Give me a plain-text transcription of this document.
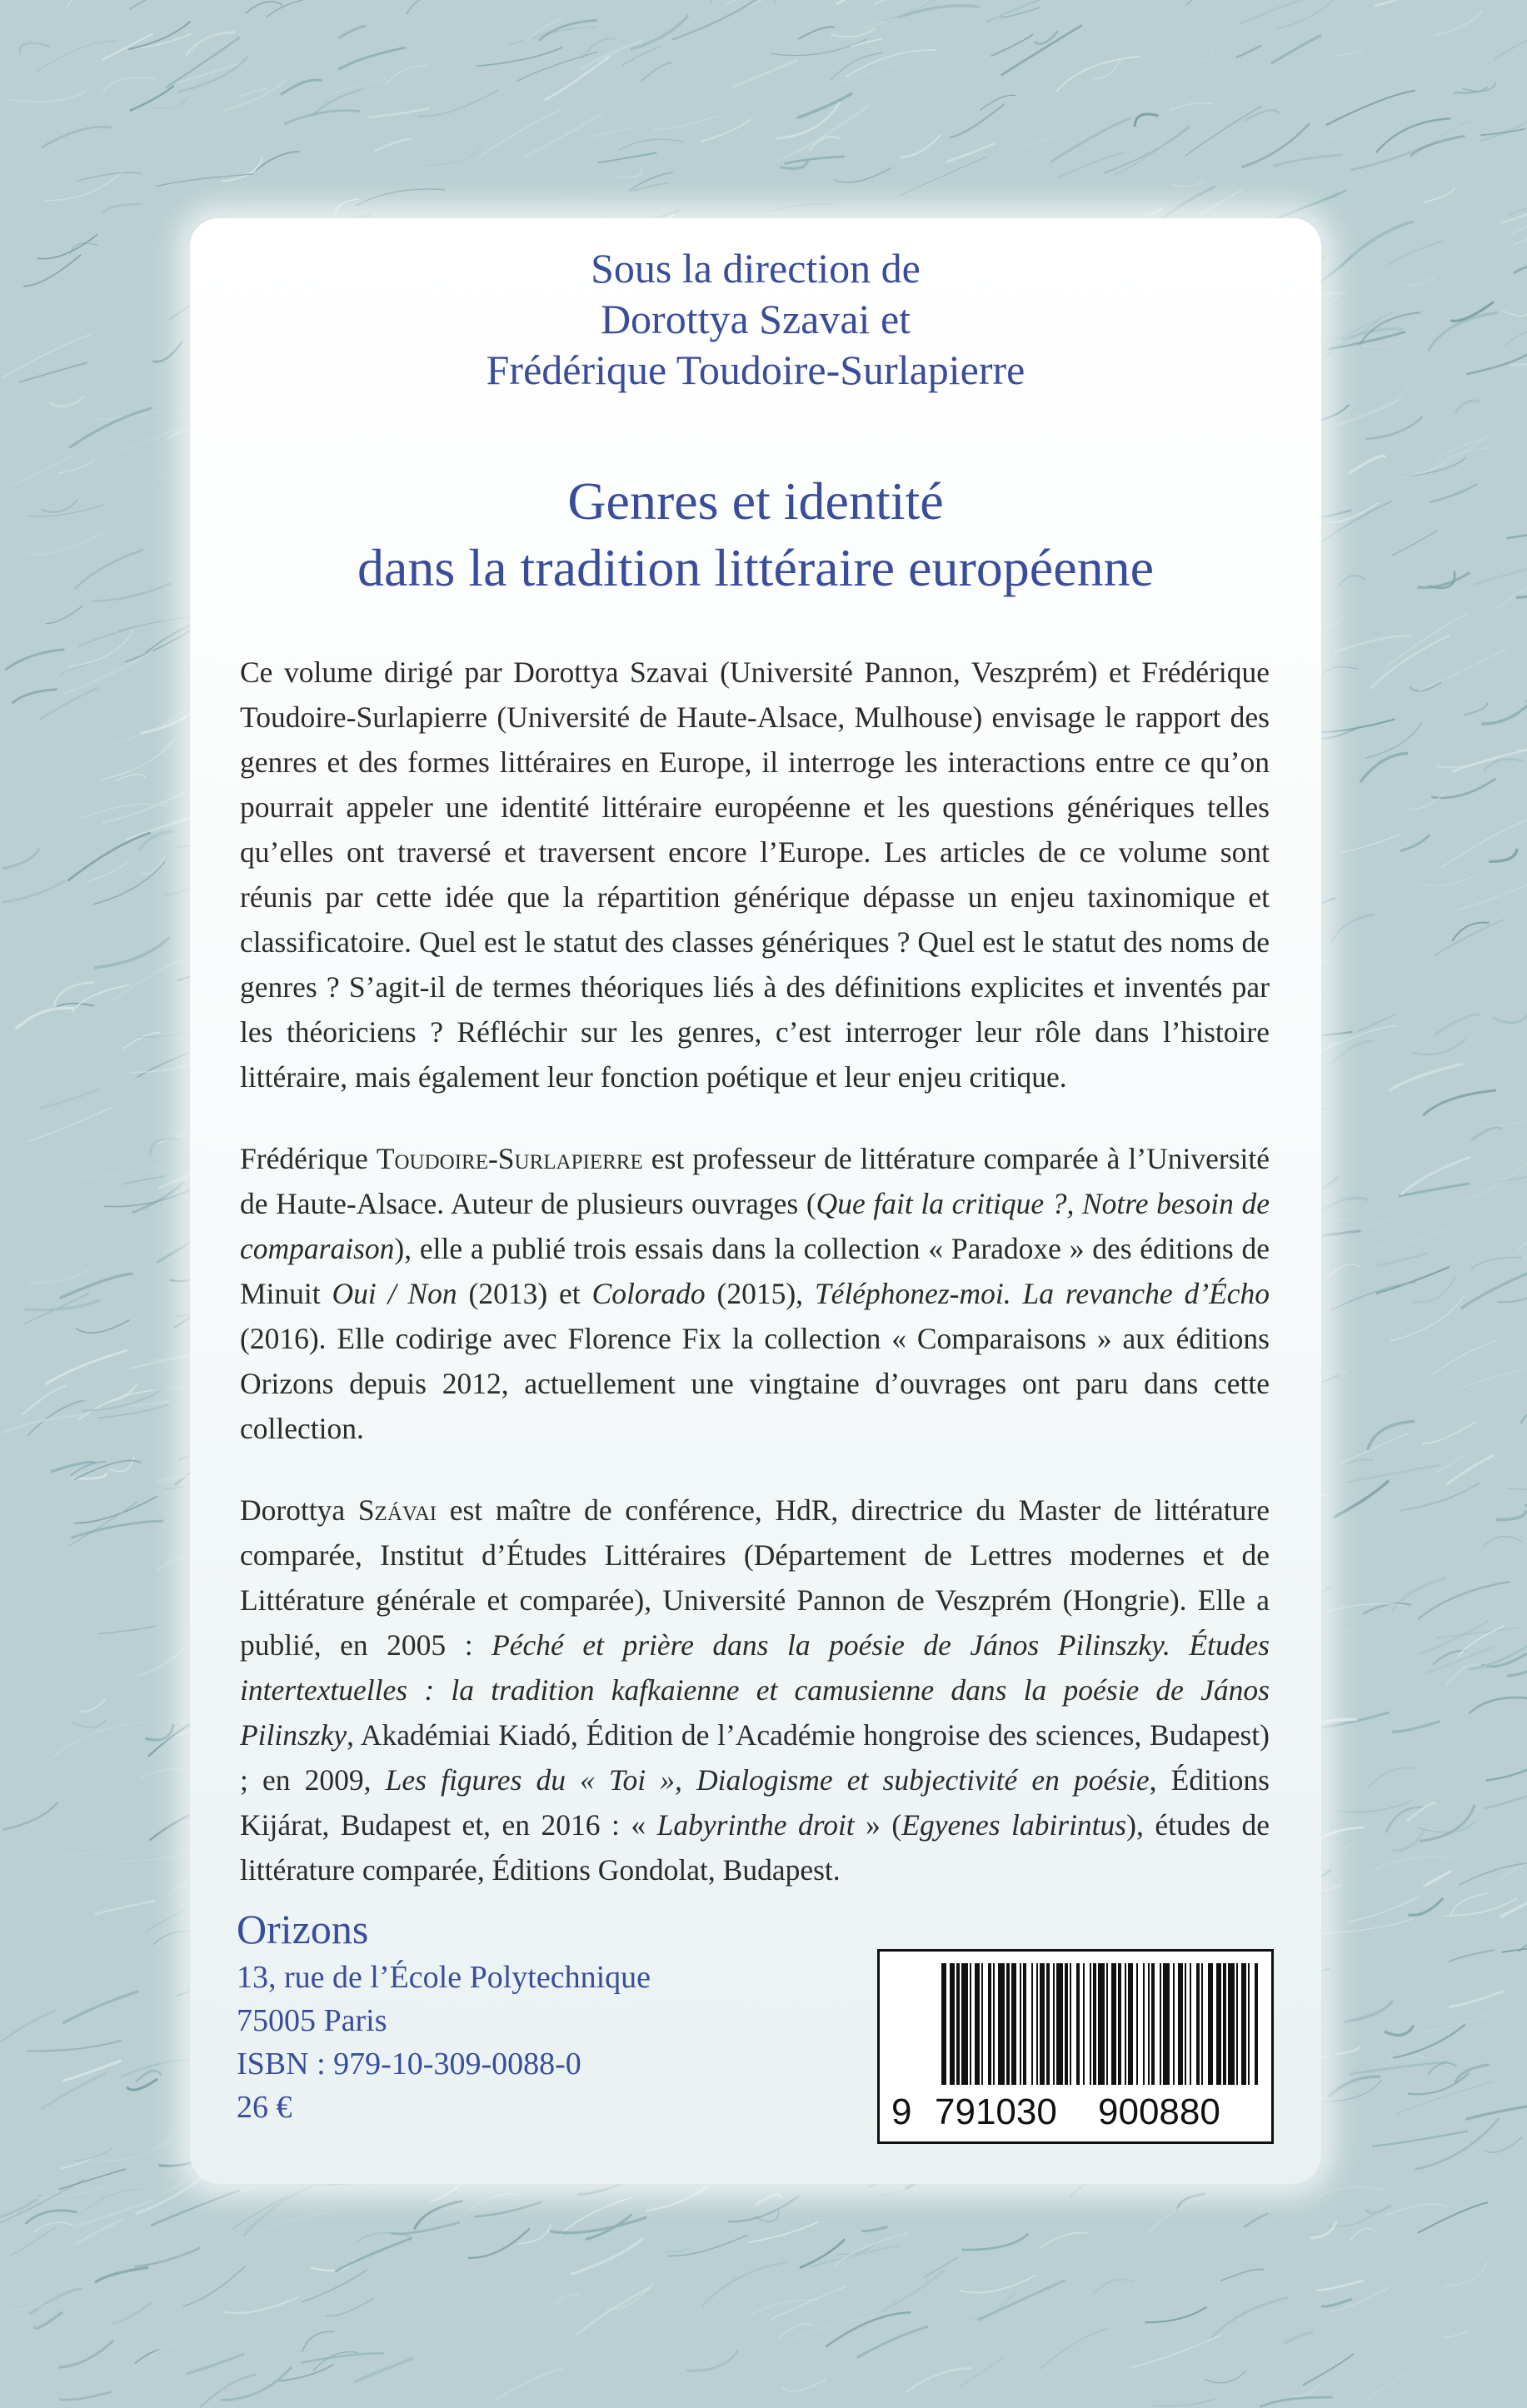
Sous la direction de
Dorottya Szavai et
Frédérique Toudoire-Surlapierre
Genres et identité
dans la tradition littéraire européenne

Ce volume dirigé par Dorottya Szavai (Université Pannon, Veszprém) et Frédérique Toudoire-Surlapierre (Université de Haute-Alsace, Mulhouse) envisage le rapport des genres et des formes littéraires en Europe, il interroge les interactions entre ce qu’on pourrait appeler une identité littéraire européenne et les questions génériques telles qu’elles ont traversé et traversent encore l’Europe. Les articles de ce volume sont réunis par cette idée que la répartition générique dépasse un enjeu taxinomique et classificatoire. Quel est le statut des classes génériques ? Quel est le statut des noms de genres ? S’agit-il de termes théoriques liés à des définitions explicites et inventés par les théoriciens ? Réfléchir sur les genres, c’est interroger leur rôle dans l’histoire littéraire, mais également leur fonction poétique et leur enjeu critique.

Frédérique Toudoire-Surlapierre est professeur de littérature comparée à l’Université de Haute-Alsace. Auteur de plusieurs ouvrages (Que fait la critique ?, Notre besoin de comparaison), elle a publié trois essais dans la collection « Paradoxe » des éditions de Minuit Oui / Non (2013) et Colorado (2015), Téléphonez-moi. La revanche d’Écho (2016). Elle codirige avec Florence Fix la collection « Comparaisons » aux éditions Orizons depuis 2012, actuellement une vingtaine d’ouvrages ont paru dans cette collection.

Dorottya Szávai est maître de conférence, HdR, directrice du Master de littérature comparée, Institut d’Études Littéraires (Département de Lettres modernes et de Littérature générale et comparée), Université Pannon de Veszprém (Hongrie). Elle a publié, en 2005 : Péché et prière dans la poésie de János Pilinszky. Études intertextuelles : la tradition kafkaienne et camusienne dans la poésie de János Pilinszky, Akadémiai Kiadó, Édition de l’Académie hongroise des sciences, Budapest) ; en 2009, Les figures du « Toi », Dialogisme et subjectivité en poésie, Éditions Kijárat, Budapest et, en 2016 : « Labyrinthe droit » (Egyenes labirintus), études de littérature comparée, Éditions Gondolat, Budapest.

Orizons
13, rue de l’École Polytechnique
75005 Paris
ISBN : 979-10-309-0088-0
26 €	9 791030 900880
